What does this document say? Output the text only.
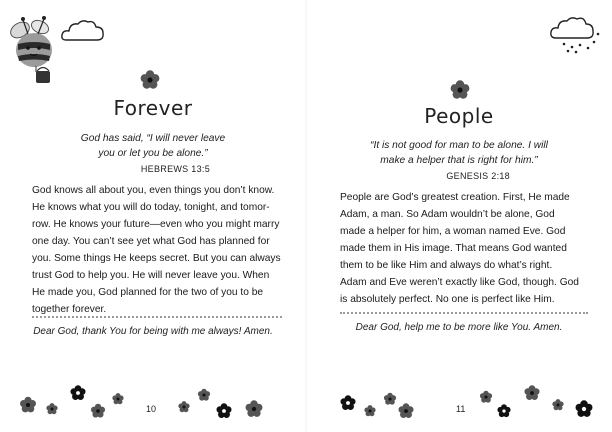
Forever

God has said, “I will never leave

you or let you be alone.”

HEBREWS 13:5

God knows all about you, even things you don’t know.

He knows what you will do today, tonight, and tomor-

row. He knows your future—even who you might marry

one day. You can’t see yet what God has planned for

you. Some things He keeps secret. But you can always

trust God to help you. He will never leave you. When

He made you, God planned for the two of you to be

together forever.

Dear God, thank You for being with me always! Amen.

10

People

“It is not good for man to be alone. I will

make a helper that is right for him.”

GENESIS 2:18

People are God’s greatest creation. First, He made

Adam, a man. So Adam wouldn’t be alone, God

made a helper for him, a woman named Eve. God

made them in His image. That means God wanted

them to be like Him and always do what’s right.

Adam and Eve weren’t exactly like God, though. God

is absolutely perfect. No one is perfect like Him.

Dear God, help me to be more like You. Amen.

11
